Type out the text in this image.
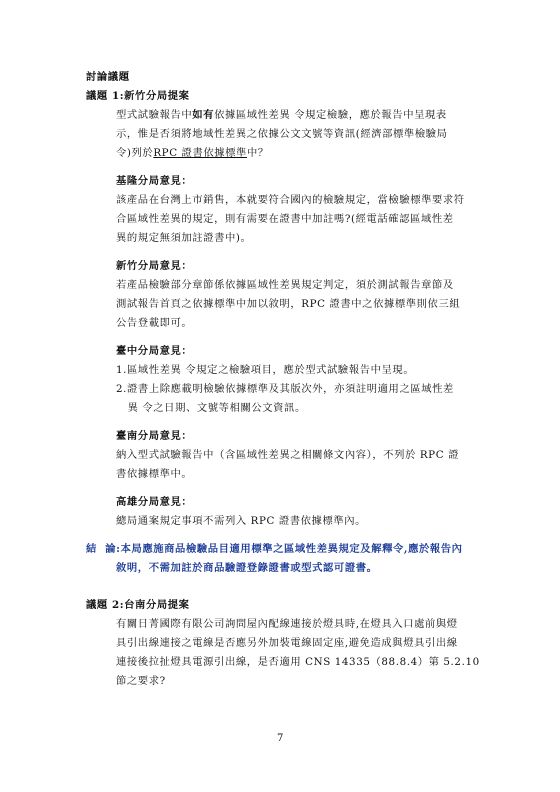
討論議題
議題 1:新竹分局提案
型式試驗報告中如有依據區域性差異 令規定檢驗，應於報告中呈現表
示，惟是否須將地域性差異之依據公文文號等資訊(經濟部標準檢驗局
令)列於RPC 證書依據標準中？
基隆分局意見：
該產品在台灣上市銷售，本就要符合國內的檢驗規定，當檢驗標準要求符
合區域性差異的規定，則有需要在證書中加註嗎?(經電話確認區域性差
異的規定無須加註證書中)。
新竹分局意見：
若產品檢驗部分章節係依據區域性差異規定判定，須於測試報告章節及
測試報告首頁之依據標準中加以敘明，RPC 證書中之依據標準則依三組
公告登載即可。
臺中分局意見：
1.區域性差異 令規定之檢驗項目，應於型式試驗報告中呈現。
2.證書上除應載明檢驗依據標準及其版次外，亦須註明適用之區域性差
異 令之日期、文號等相關公文資訊。
臺南分局意見：
納入型式試驗報告中（含區域性差異之相關條文內容），不列於 RPC 證
書依據標準中。
高雄分局意見：
總局通案規定事項不需列入 RPC 證書依據標準內。
結  論:本局應施商品檢驗品目適用標準之區域性差異規定及解釋令,應於報告內
敘明，不需加註於商品驗證登錄證書或型式認可證書。
議題 2:台南分局提案
有關日菁國際有限公司詢問屋內配線連接於燈具時,在燈具入口處前與燈
具引出線連接之電線是否應另外加裝電線固定座,避免造成與燈具引出線
連接後拉扯燈具電源引出線，是否適用 CNS 14335（88.8.4）第 5.2.10
節之要求?
7
